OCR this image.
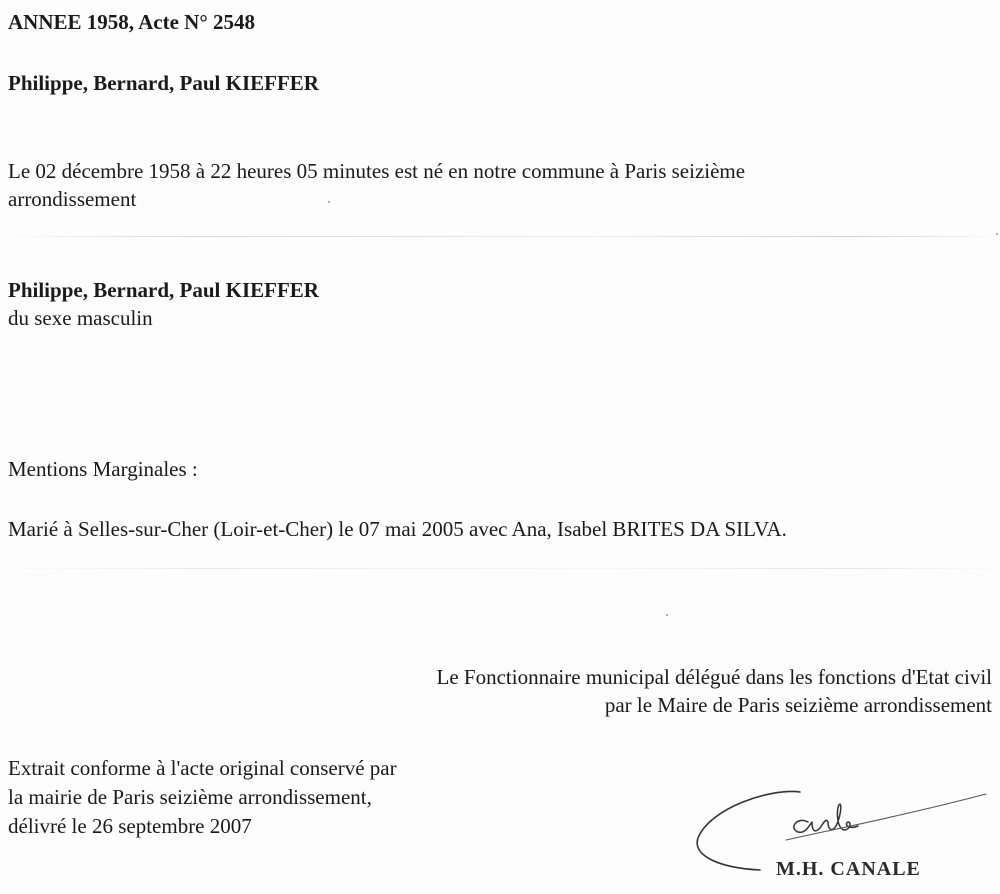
ANNEE 1958, Acte N° 2548
Philippe, Bernard, Paul KIEFFER
Le 02 décembre 1958 à 22 heures 05 minutes est né en notre commune à Paris seizième
arrondissement
Philippe, Bernard, Paul KIEFFER
du sexe masculin
Mentions Marginales :
Marié à Selles-sur-Cher (Loir-et-Cher) le 07 mai 2005 avec Ana, Isabel BRITES DA SILVA.
Le Fonctionnaire municipal délégué dans les fonctions d'Etat civil
par le Maire de Paris seizième arrondissement
Extrait conforme à l'acte original conservé par
la mairie de Paris seizième arrondissement,
délivré le 26 septembre 2007
M.H. CANALE
